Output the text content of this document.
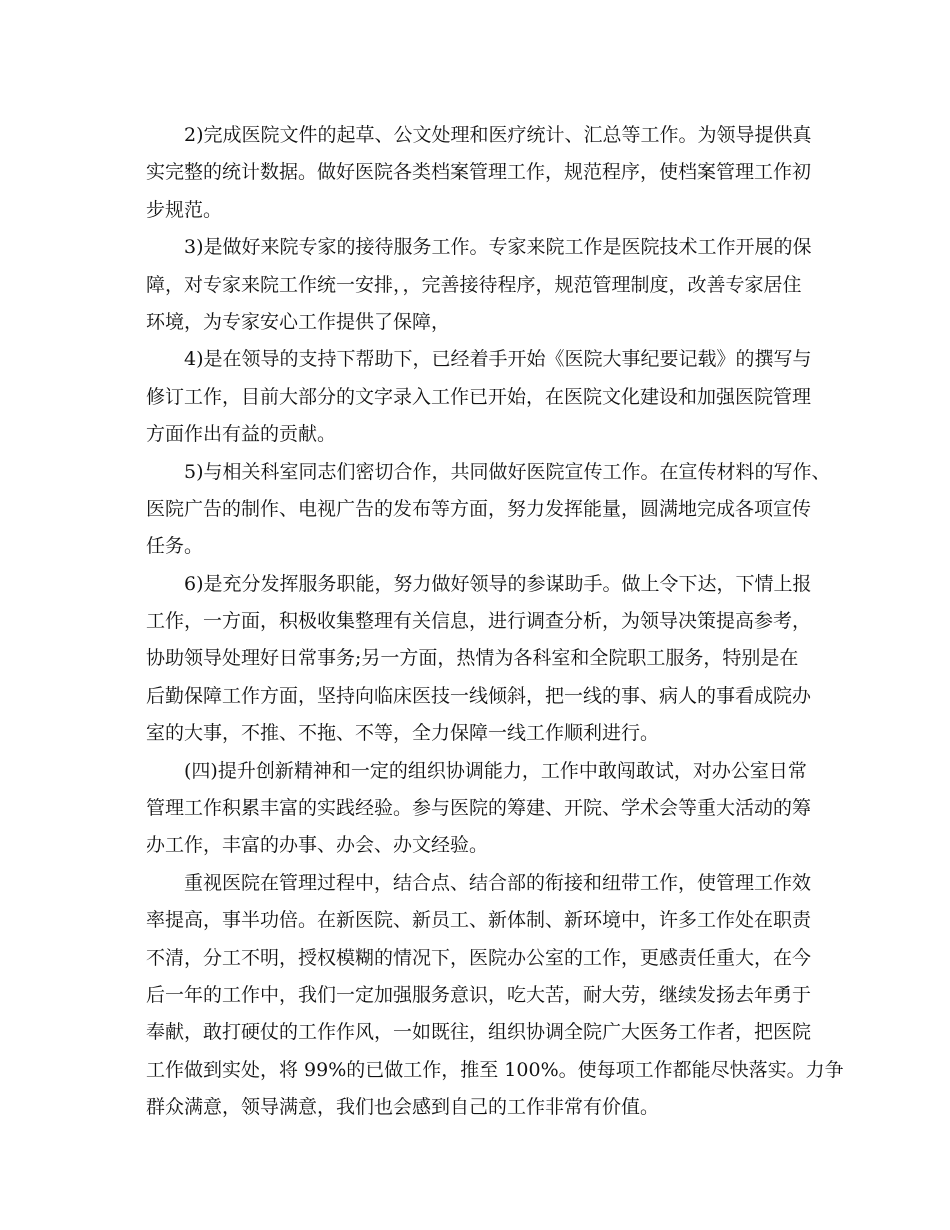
2)完成医院文件的起草、公文处理和医疗统计、汇总等工作。为领导提供真
实完整的统计数据。做好医院各类档案管理工作，规范程序，使档案管理工作初
步规范。
3)是做好来院专家的接待服务工作。专家来院工作是医院技术工作开展的保
障，对专家来院工作统一安排，，完善接待程序，规范管理制度，改善专家居住
环境，为专家安心工作提供了保障，
4)是在领导的支持下帮助下，已经着手开始《医院大事纪要记载》的撰写与
修订工作，目前大部分的文字录入工作已开始，在医院文化建设和加强医院管理
方面作出有益的贡献。
5)与相关科室同志们密切合作，共同做好医院宣传工作。在宣传材料的写作、
医院广告的制作、电视广告的发布等方面，努力发挥能量，圆满地完成各项宣传
任务。
6)是充分发挥服务职能，努力做好领导的参谋助手。做上令下达，下情上报
工作，一方面，积极收集整理有关信息，进行调查分析，为领导决策提高参考，
协助领导处理好日常事务;另一方面，热情为各科室和全院职工服务，特别是在
后勤保障工作方面，坚持向临床医技一线倾斜，把一线的事、病人的事看成院办
室的大事，不推、不拖、不等，全力保障一线工作顺利进行。
(四)提升创新精神和一定的组织协调能力，工作中敢闯敢试，对办公室日常
管理工作积累丰富的实践经验。参与医院的筹建、开院、学术会等重大活动的筹
办工作，丰富的办事、办会、办文经验。
重视医院在管理过程中，结合点、结合部的衔接和纽带工作，使管理工作效
率提高，事半功倍。在新医院、新员工、新体制、新环境中，许多工作处在职责
不清，分工不明，授权模糊的情况下，医院办公室的工作，更感责任重大，在今
后一年的工作中，我们一定加强服务意识，吃大苦，耐大劳，继续发扬去年勇于
奉献，敢打硬仗的工作作风，一如既往，组织协调全院广大医务工作者，把医院
工作做到实处，将 99%的已做工作，推至 100%。使每项工作都能尽快落实。力争
群众满意，领导满意，我们也会感到自己的工作非常有价值。
